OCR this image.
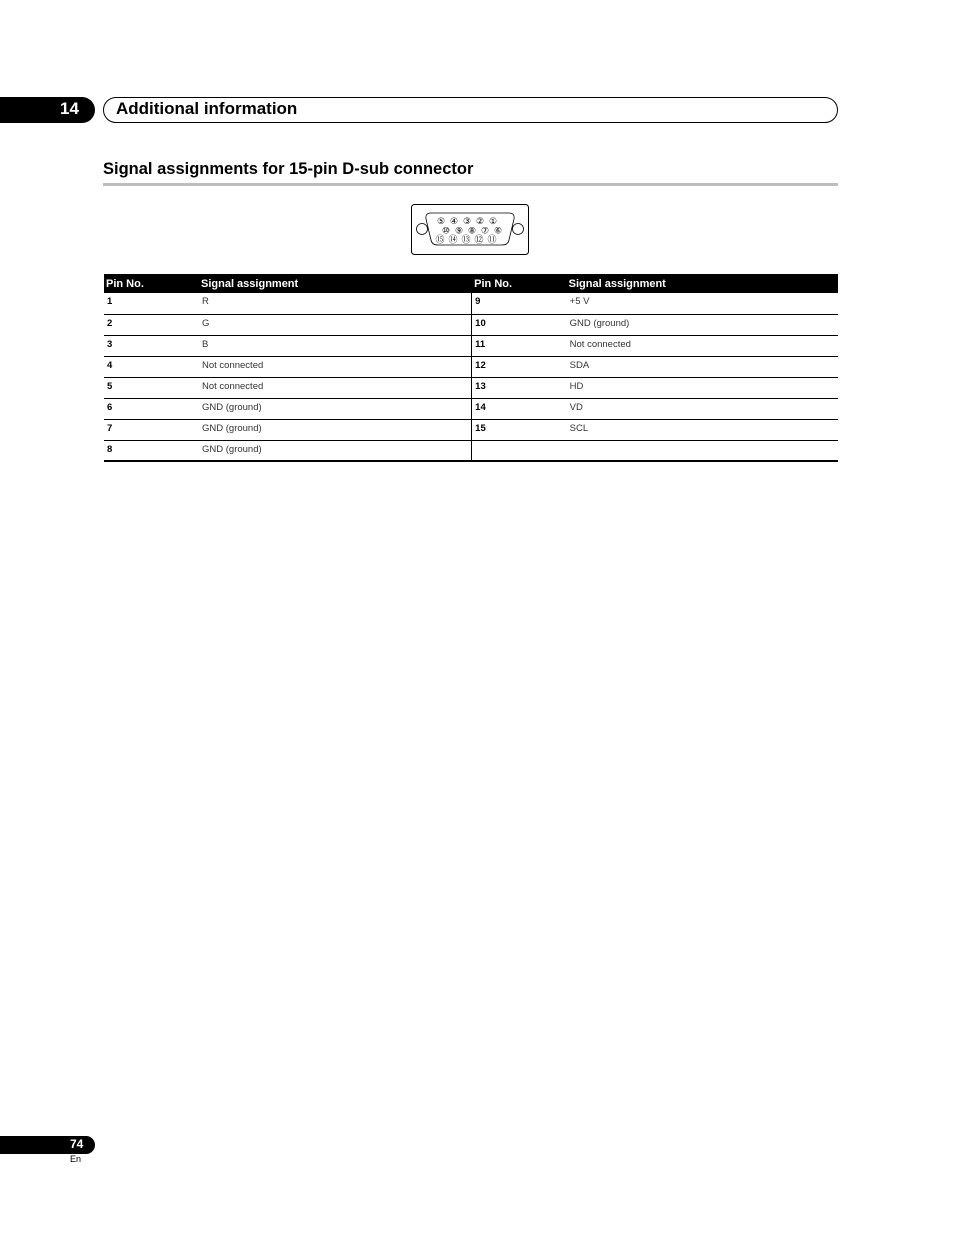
14 Additional information
Signal assignments for 15-pin D-sub connector
⑤ ④ ③ ② ①
⑩ ⑨ ⑧ ⑦ ⑥
⑮ ⑭ ⑬ ⑫ ⑪
Pin No.	Signal assignment	Pin No.	Signal assignment
1	R	9	+5 V
2	G	10	GND (ground)
3	B	11	Not connected
4	Not connected	12	SDA
5	Not connected	13	HD
6	GND (ground)	14	VD
7	GND (ground)	15	SCL
8	GND (ground)		
74
En
